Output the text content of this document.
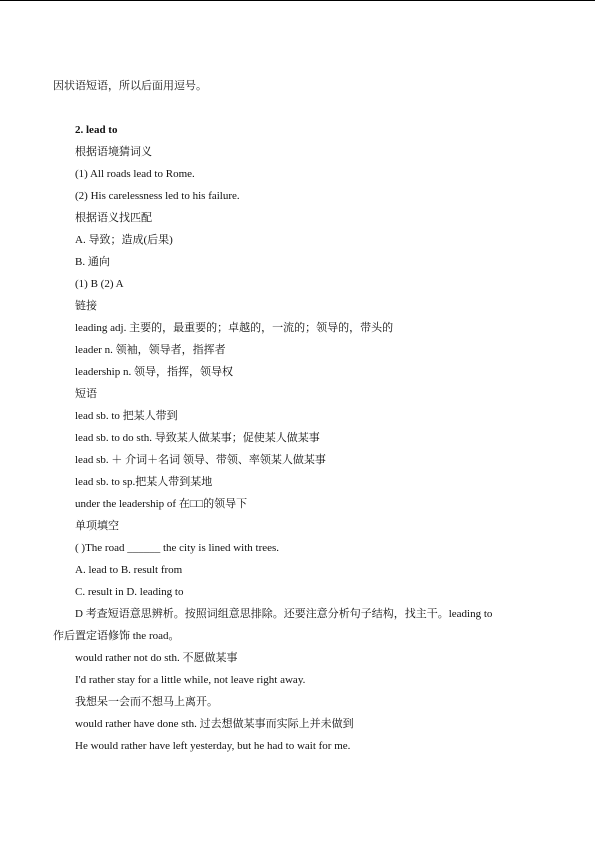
因状语短语，所以后面用逗号。
2. lead to
根据语境猜词义
(1) All roads lead to Rome.
(2) His carelessness led to his failure.
根据语义找匹配
A. 导致；造成(后果)
B. 通向
(1) B (2) A
链接
leading adj. 主要的，最重要的；卓越的，一流的；领导的，带头的
leader n. 领袖，领导者，指挥者
leadership n. 领导，指挥，领导权
短语
lead sb. to 把某人带到
lead sb. to do sth. 导致某人做某事；促使某人做某事
lead sb. ＋ 介词＋名词 领导、带领、率领某人做某事
lead sb. to sp.把某人带到某地
under the leadership of 在□□的领导下
单项填空
( )The road ______ the city is lined with trees.
A. lead to B. result from
C. result in D. leading to
D 考查短语意思辨析。按照词组意思排除。还要注意分析句子结构，找主干。leading to
作后置定语修饰 the road。
would rather not do sth. 不愿做某事
I'd rather stay for a little while, not leave right away.
我想呆一会而不想马上离开。
would rather have done sth. 过去想做某事而实际上并未做到
He would rather have left yesterday, but he had to wait for me.
